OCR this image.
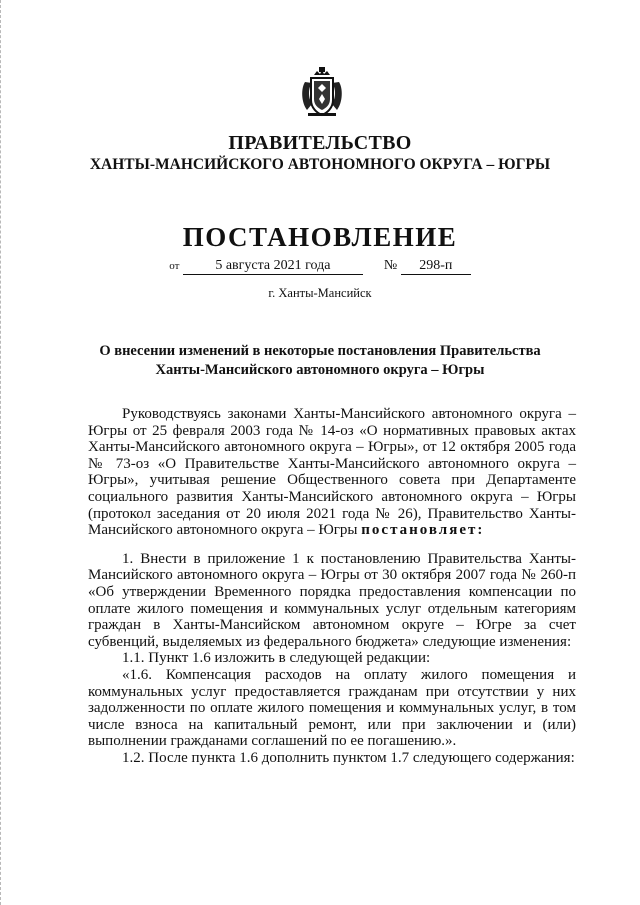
ПРАВИТЕЛЬСТВО
ХАНТЫ-МАНСИЙСКОГО АВТОНОМНОГО ОКРУГА – ЮГРЫ
ПОСТАНОВЛЕНИЕ
от	5 августа 2021 года	№ 298-п
г. Ханты-Мансийск
О внесении изменений в некоторые постановления Правительства
Ханты-Мансийского автономного округа – Югры

Руководствуясь законами Ханты-Мансийского автономного округа – Югры от 25 февраля 2003 года № 14-оз «О нормативных правовых актах Ханты-Мансийского автономного округа – Югры», от 12 октября 2005 года № 73-оз «О Правительстве Ханты-Мансийского автономного округа – Югры», учитывая решение Общественного совета при Департаменте социального развития Ханты-Мансийского автономного округа – Югры (протокол заседания от 20 июля 2021 года № 26), Правительство Ханты-Мансийского автономного округа – Югры постановляет:

1. Внести в приложение 1 к постановлению Правительства Ханты-Мансийского автономного округа – Югры от 30 октября 2007 года № 260-п «Об утверждении Временного порядка предоставления компенсации по оплате жилого помещения и коммунальных услуг отдельным категориям граждан в Ханты-Мансийском автономном округе – Югре за счет субвенций, выделяемых из федерального бюджета» следующие изменения:

1.1. Пункт 1.6 изложить в следующей редакции:

«1.6. Компенсация расходов на оплату жилого помещения и коммунальных услуг предоставляется гражданам при отсутствии у них задолженности по оплате жилого помещения и коммунальных услуг, в том числе взноса на капитальный ремонт, или при заключении и (или) выполнении гражданами соглашений по ее погашению.».

1.2. После пункта 1.6 дополнить пунктом 1.7 следующего содержания:
